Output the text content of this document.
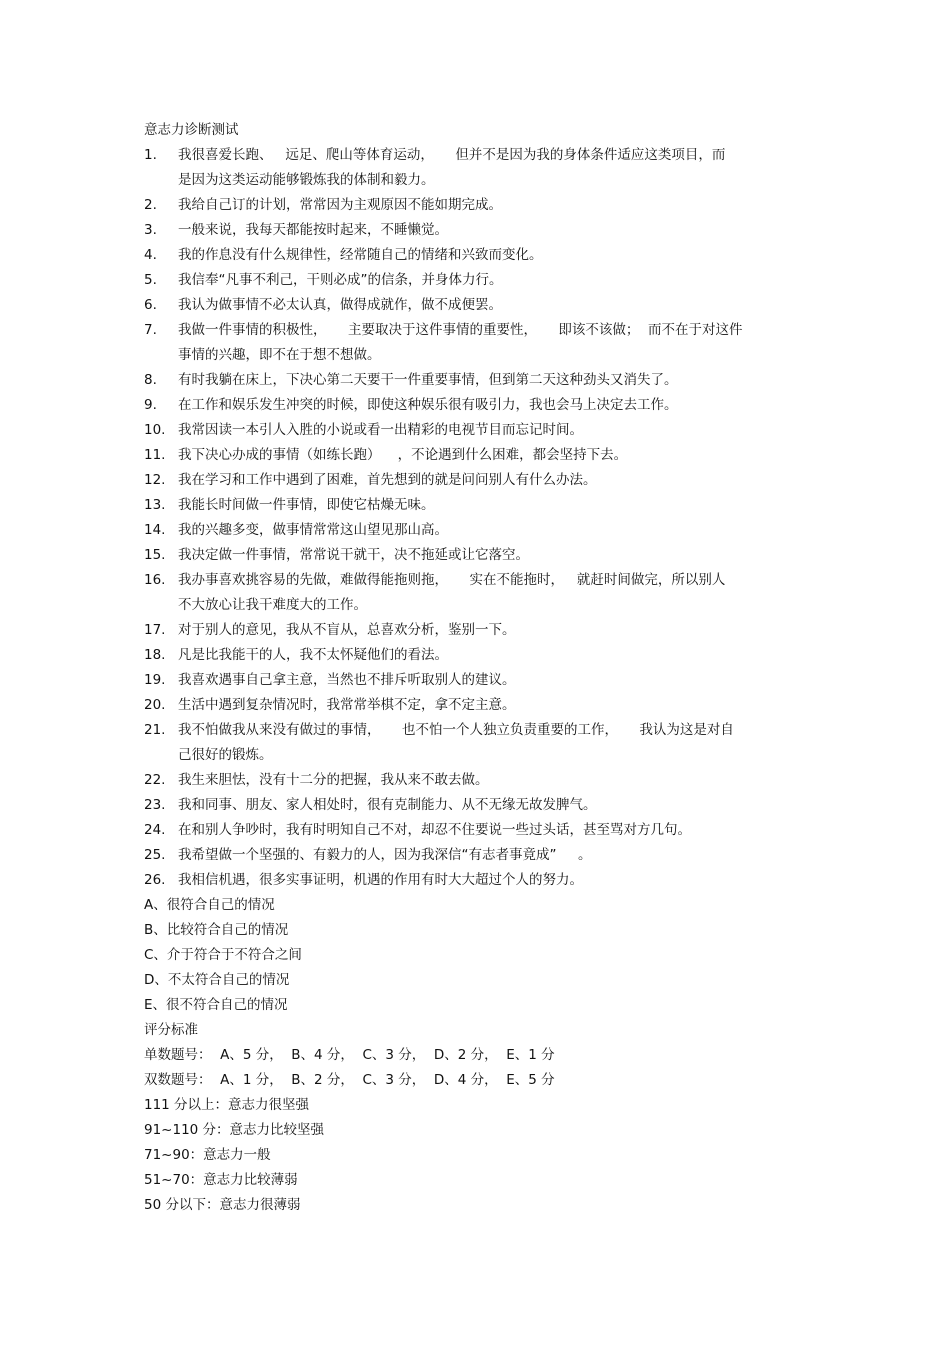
意志力诊断测试
1. 我很喜爱长跑、   远足、爬山等体育运动，     但并不是因为我的身体条件适应这类项目，而
是因为这类运动能够锻炼我的体制和毅力。
2. 我给自己订的计划，常常因为主观原因不能如期完成。
3. 一般来说，我每天都能按时起来，不睡懒觉。
4. 我的作息没有什么规律性，经常随自己的情绪和兴致而变化。
5. 我信奉“凡事不利己，干则必成”的信条，并身体力行。
6. 我认为做事情不必太认真，做得成就作，做不成便罢。
7. 我做一件事情的积极性，     主要取决于这件事情的重要性，     即该不该做；  而不在于对这件
事情的兴趣，即不在于想不想做。
8. 有时我躺在床上，下决心第二天要干一件重要事情，但到第二天这种劲头又消失了。
9. 在工作和娱乐发生冲突的时候，即使这种娱乐很有吸引力，我也会马上决定去工作。
10. 我常因读一本引人入胜的小说或看一出精彩的电视节目而忘记时间。
11. 我下决心办成的事情（如练长跑）    ，不论遇到什么困难，都会坚持下去。
12. 我在学习和工作中遇到了困难，首先想到的就是问问别人有什么办法。
13. 我能长时间做一件事情，即使它枯燥无味。
14. 我的兴趣多变，做事情常常这山望见那山高。
15. 我决定做一件事情，常常说干就干，决不拖延或让它落空。
16. 我办事喜欢挑容易的先做，难做得能拖则拖，     实在不能拖时，   就赶时间做完，所以别人
不大放心让我干难度大的工作。
17. 对于别人的意见，我从不盲从，总喜欢分析，鉴别一下。
18. 凡是比我能干的人，我不太怀疑他们的看法。
19. 我喜欢遇事自己拿主意，当然也不排斥听取别人的建议。
20. 生活中遇到复杂情况时，我常常举棋不定，拿不定主意。
21. 我不怕做我从来没有做过的事情，     也不怕一个人独立负责重要的工作，     我认为这是对自
己很好的锻炼。
22. 我生来胆怯，没有十二分的把握，我从来不敢去做。
23. 我和同事、朋友、家人相处时，很有克制能力、从不无缘无故发脾气。
24. 在和别人争吵时，我有时明知自己不对，却忍不住要说一些过头话，甚至骂对方几句。
25. 我希望做一个坚强的、有毅力的人，因为我深信“有志者事竟成”     。
26. 我相信机遇，很多实事证明，机遇的作用有时大大超过个人的努力。
A、很符合自己的情况
B、比较符合自己的情况
C、介于符合于不符合之间
D、不太符合自己的情况
E、很不符合自己的情况
评分标准
单数题号：  A、5 分，  B、4 分，  C、3 分，  D、2 分，  E、1 分
双数题号：  A、1 分，  B、2 分，  C、3 分，  D、4 分，  E、5 分
111 分以上：意志力很坚强
91~110 分：意志力比较坚强
71~90：意志力一般
51~70：意志力比较薄弱
50 分以下：意志力很薄弱
